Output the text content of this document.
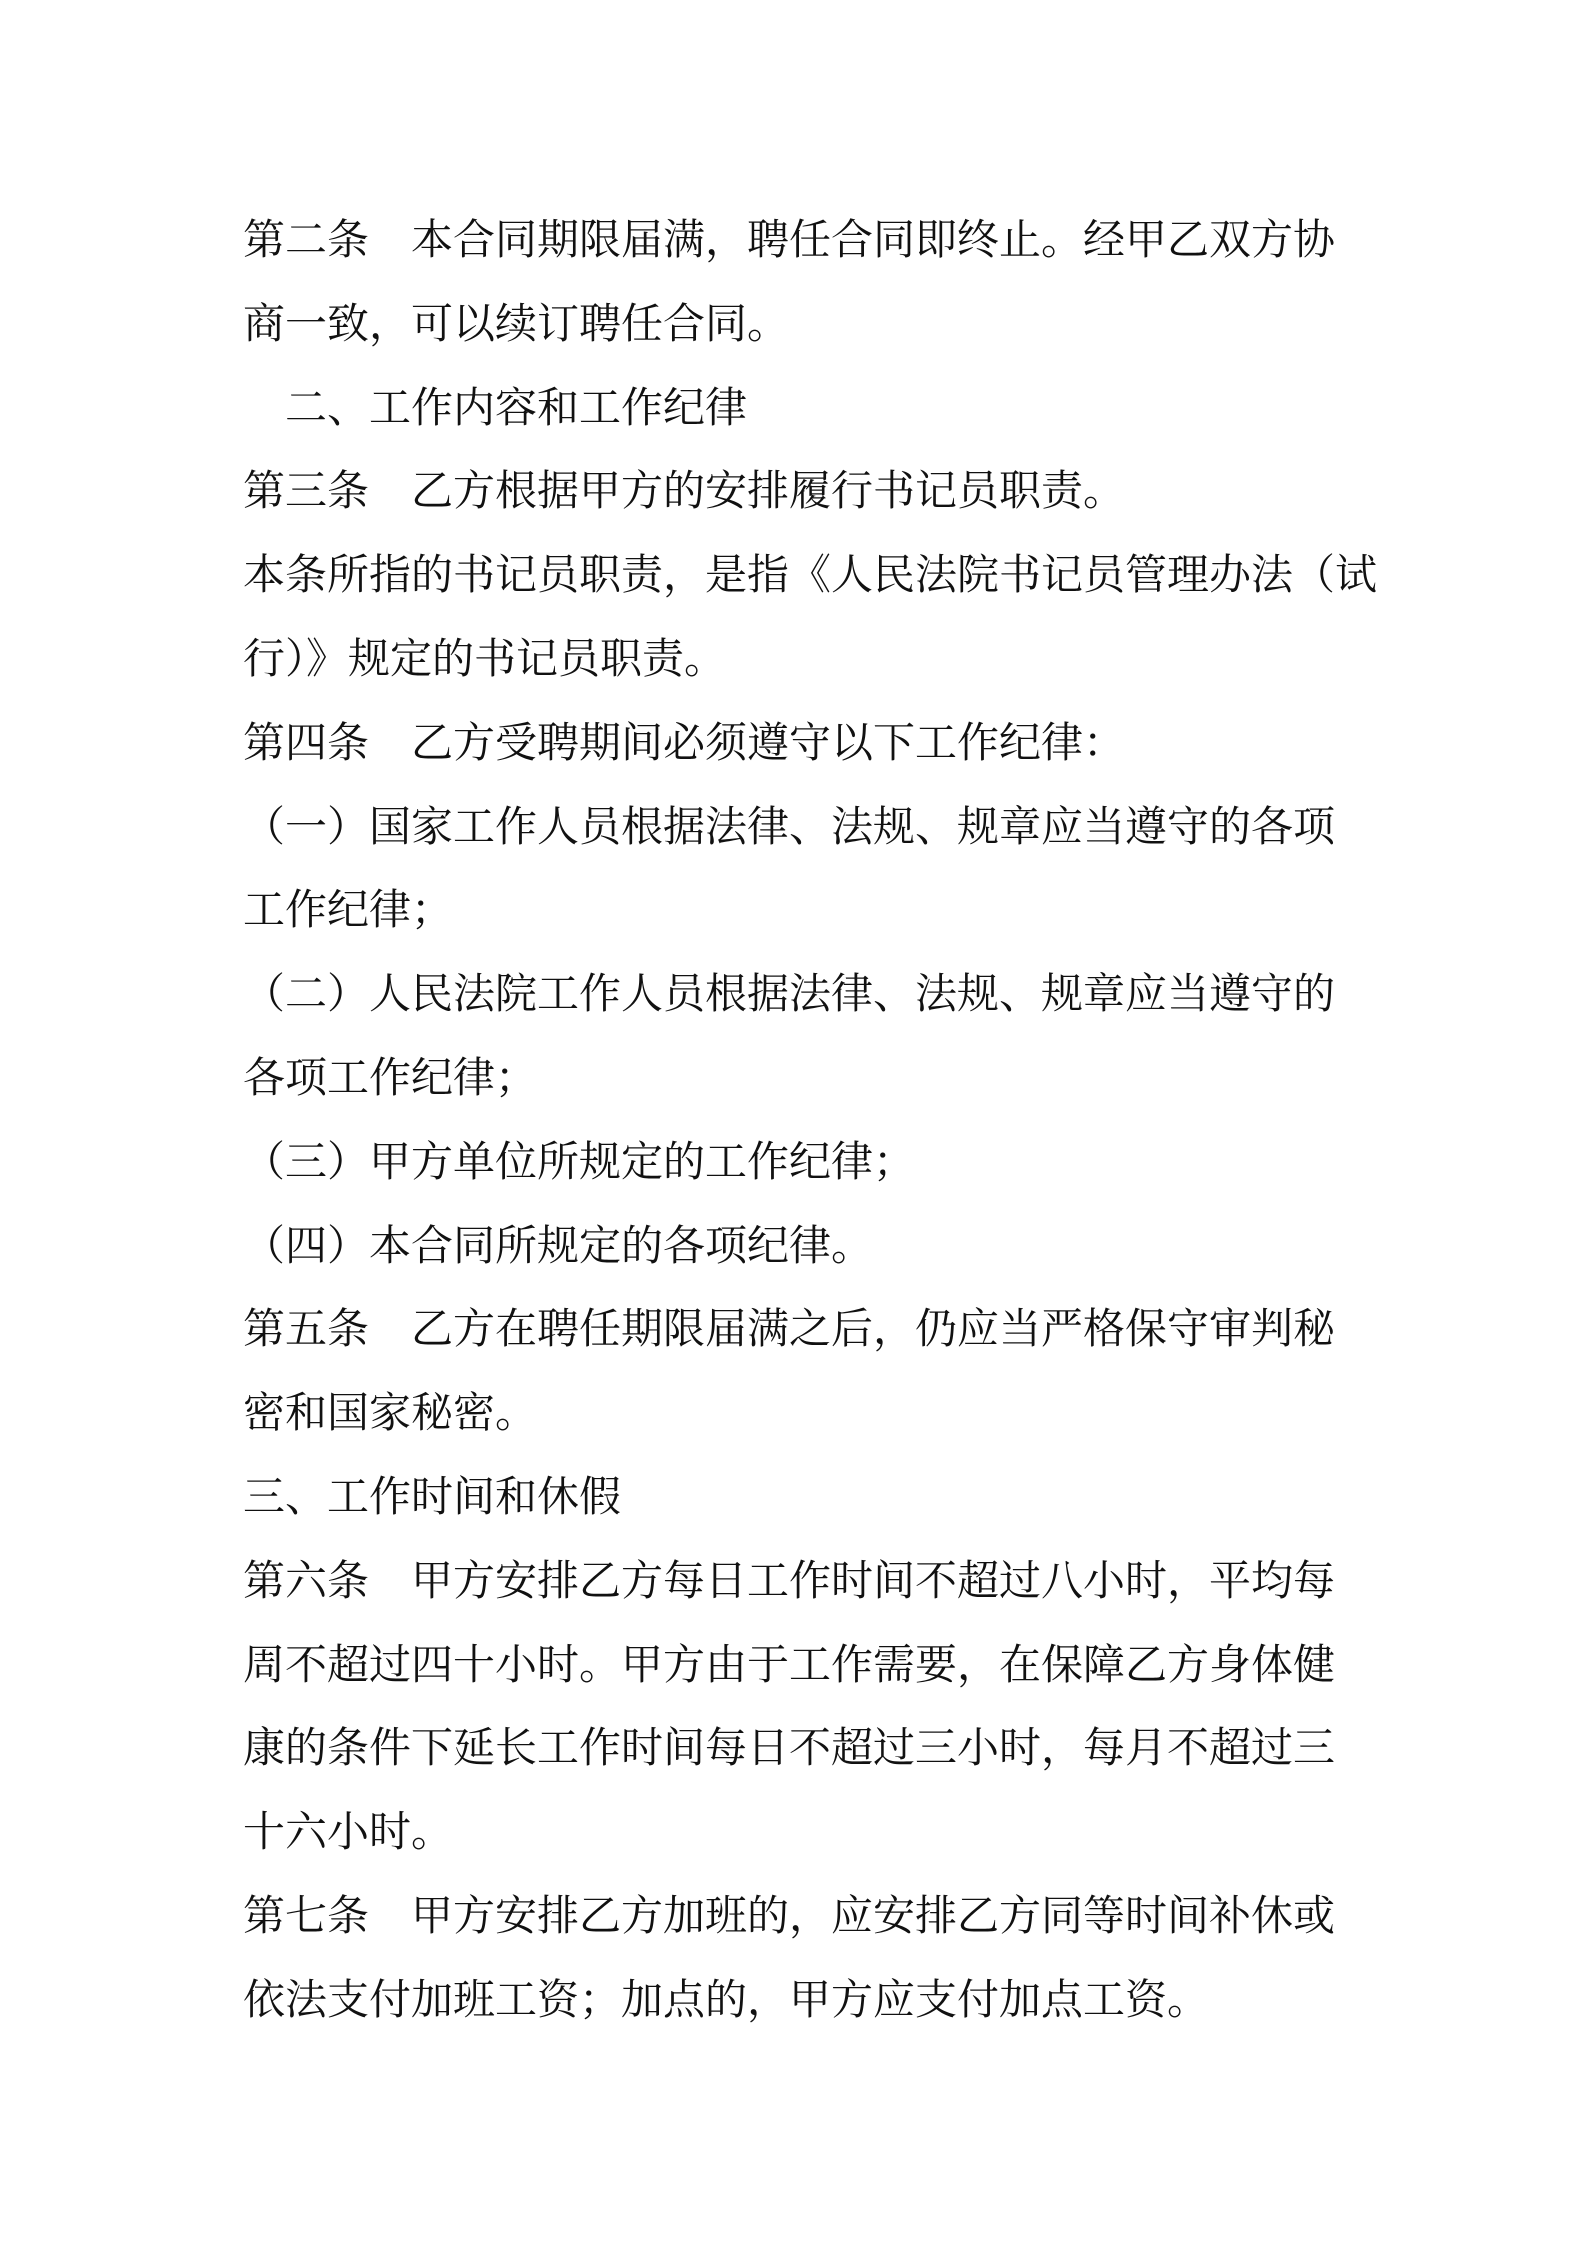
第二条　本合同期限届满，聘任合同即终止。经甲乙双方协
商一致，可以续订聘任合同。
二、工作内容和工作纪律
第三条　乙方根据甲方的安排履行书记员职责。
本条所指的书记员职责，是指《人民法院书记员管理办法（试
行）》规定的书记员职责。
第四条　乙方受聘期间必须遵守以下工作纪律：
（一）国家工作人员根据法律、法规、规章应当遵守的各项
工作纪律；
（二）人民法院工作人员根据法律、法规、规章应当遵守的
各项工作纪律；
（三）甲方单位所规定的工作纪律；
（四）本合同所规定的各项纪律。
第五条　乙方在聘任期限届满之后，仍应当严格保守审判秘
密和国家秘密。
三、工作时间和休假
第六条　甲方安排乙方每日工作时间不超过八小时，平均每
周不超过四十小时。甲方由于工作需要，在保障乙方身体健
康的条件下延长工作时间每日不超过三小时，每月不超过三
十六小时。
第七条　甲方安排乙方加班的，应安排乙方同等时间补休或
依法支付加班工资；加点的，甲方应支付加点工资。
